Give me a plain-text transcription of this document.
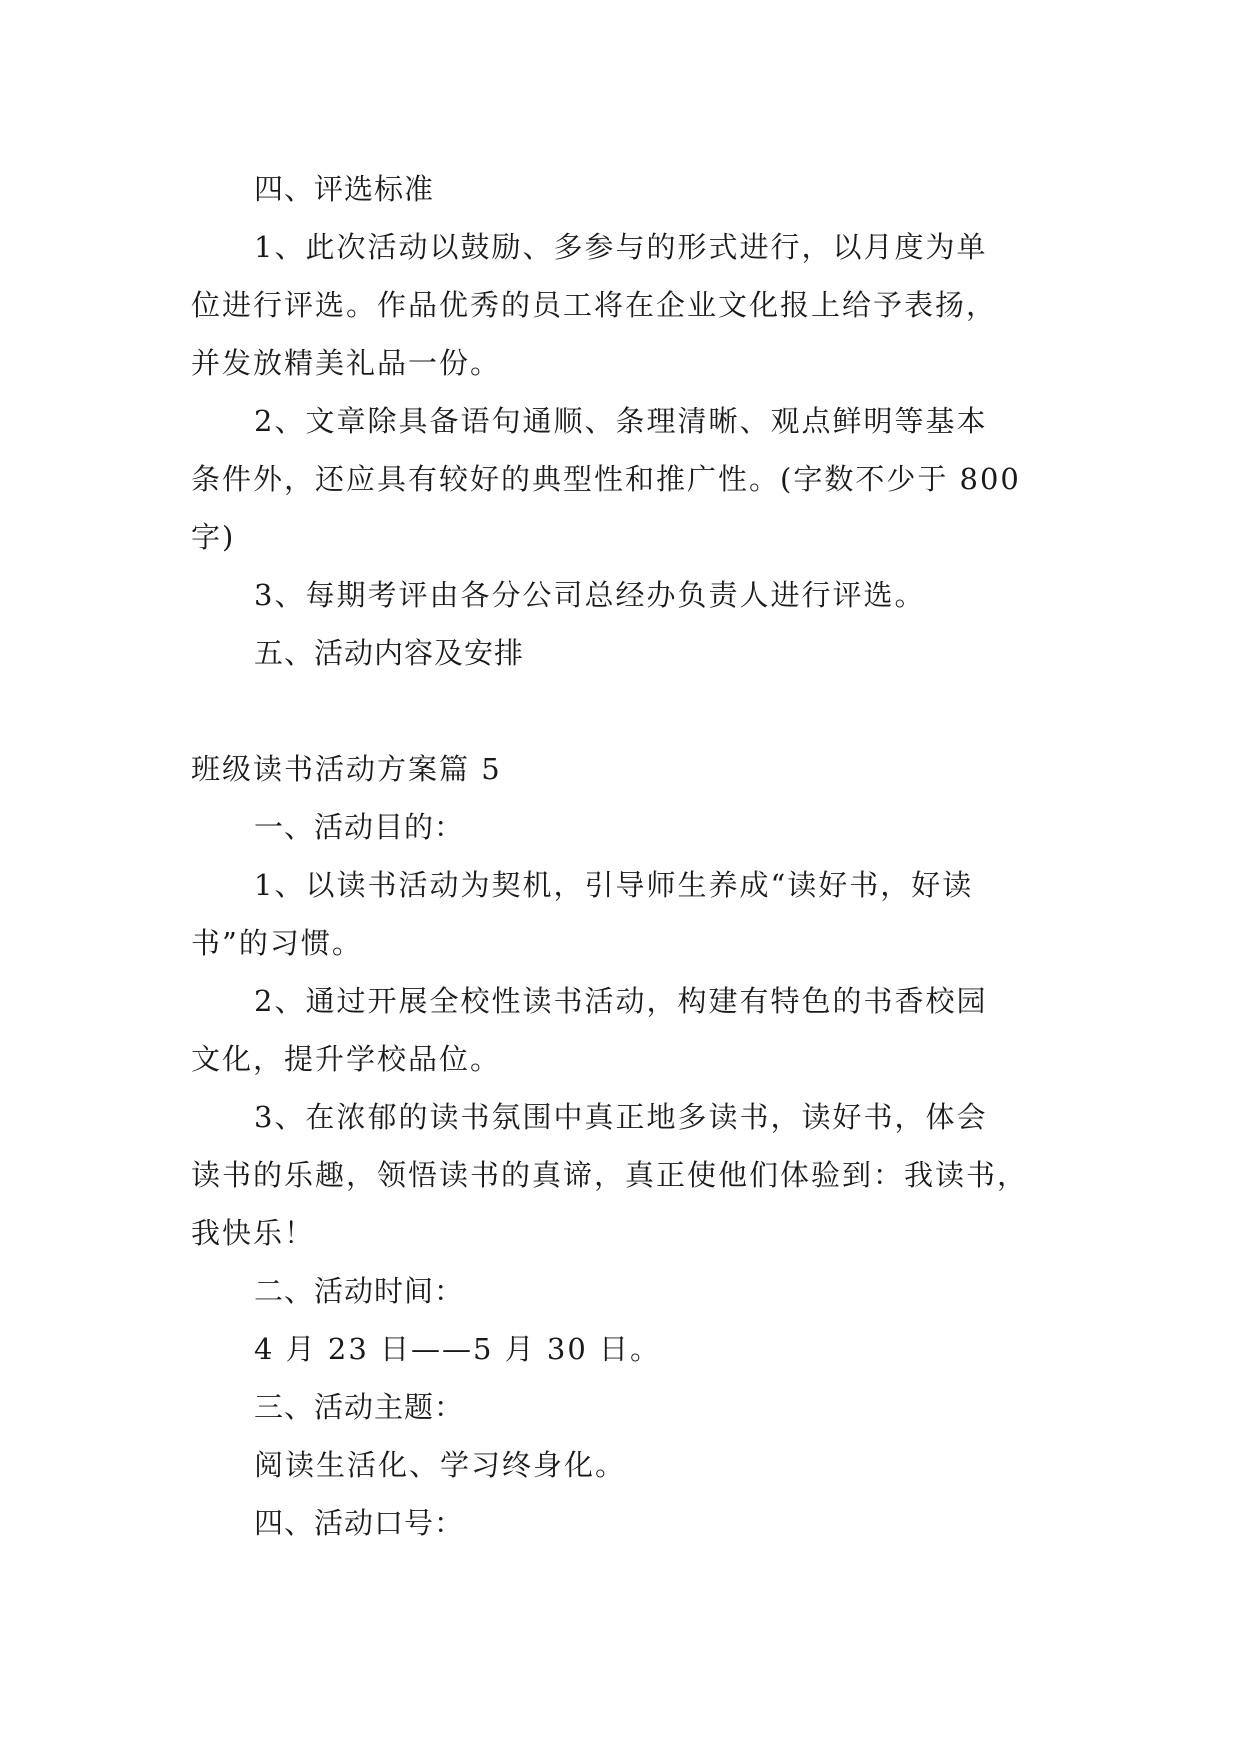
四、评选标准
1、此次活动以鼓励、多参与的形式进行，以月度为单
位进行评选。作品优秀的员工将在企业文化报上给予表扬，
并发放精美礼品一份。
2、文章除具备语句通顺、条理清晰、观点鲜明等基本
条件外，还应具有较好的典型性和推广性。(字数不少于 800
字)
3、每期考评由各分公司总经办负责人进行评选。
五、活动内容及安排
班级读书活动方案篇 5
一、活动目的：
1、以读书活动为契机，引导师生养成“读好书，好读
书”的习惯。
2、通过开展全校性读书活动，构建有特色的书香校园
文化，提升学校品位。
3、在浓郁的读书氛围中真正地多读书，读好书，体会
读书的乐趣，领悟读书的真谛，真正使他们体验到：我读书，
我快乐！
二、活动时间：
4 月 23 日——5 月 30 日。
三、活动主题：
阅读生活化、学习终身化。
四、活动口号：
